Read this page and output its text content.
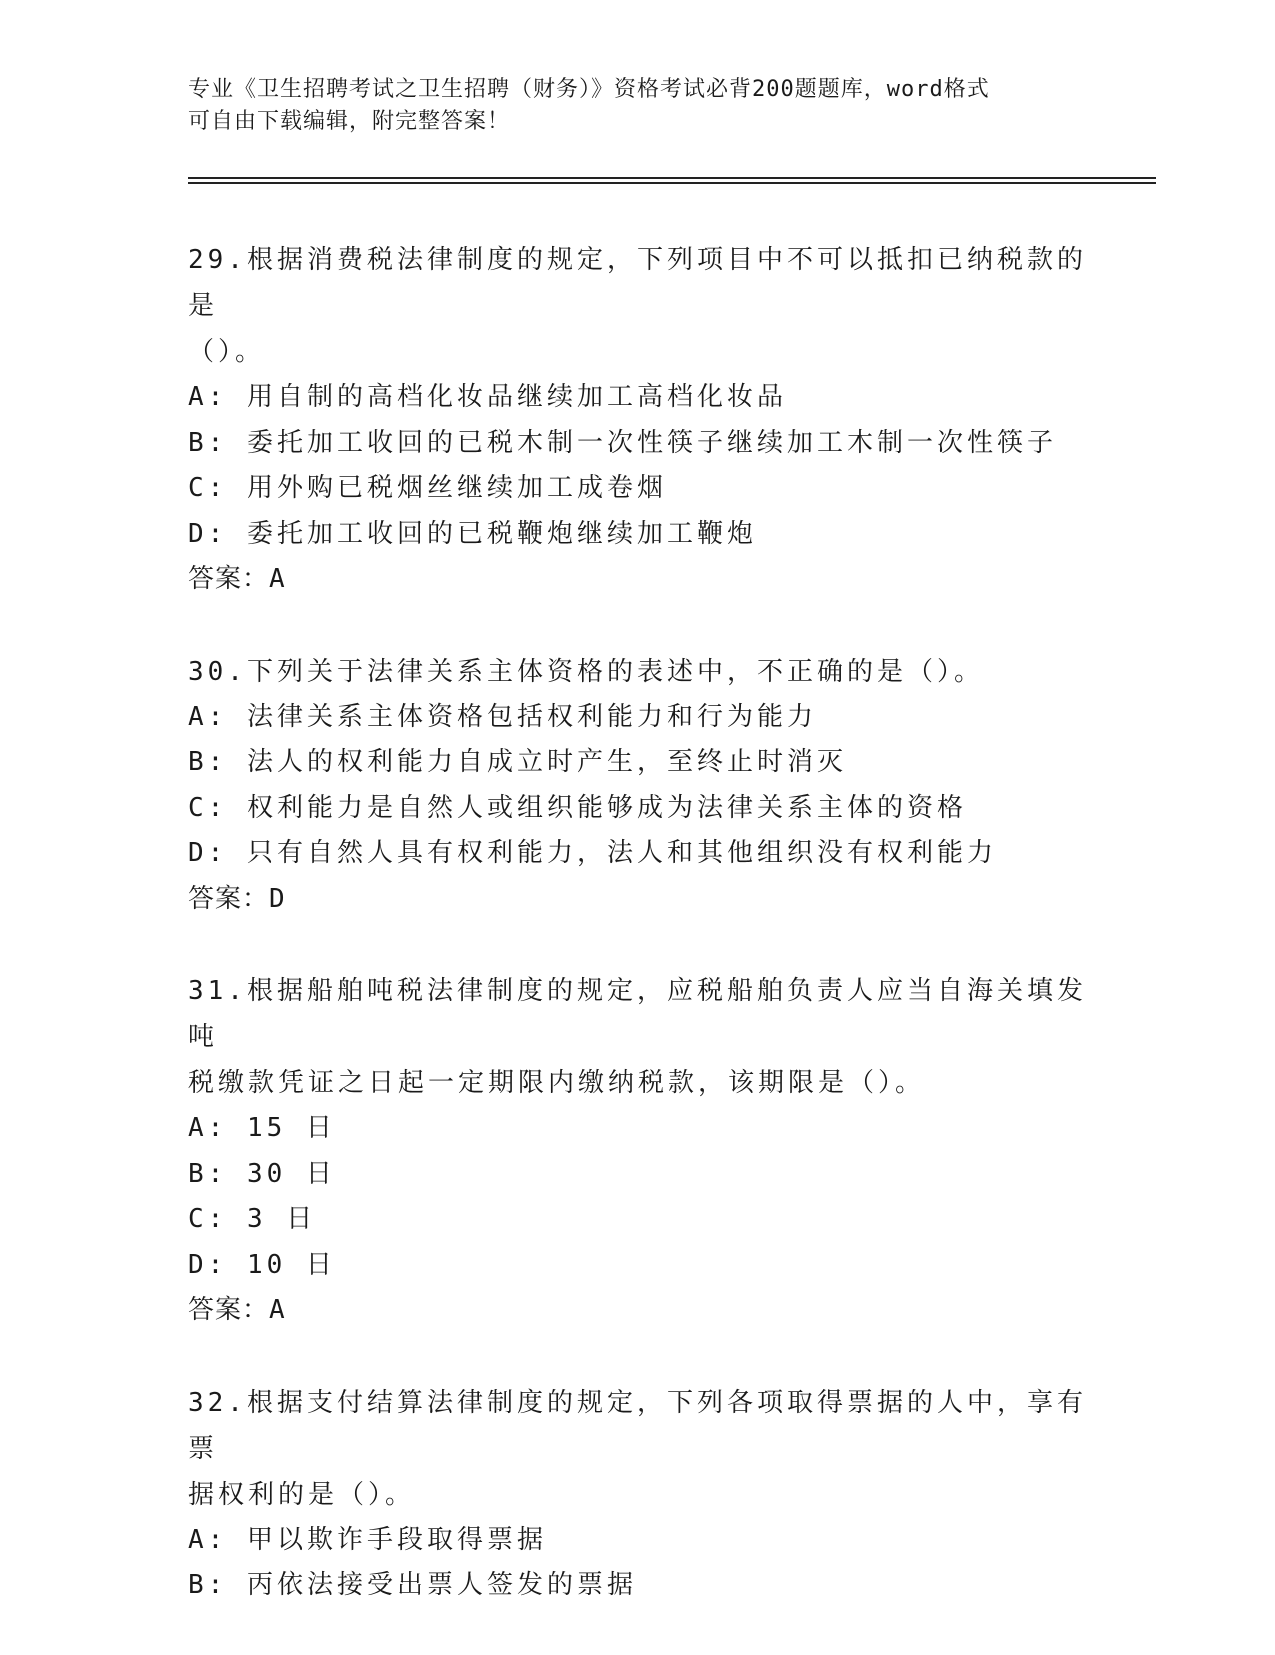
专业《卫生招聘考试之卫生招聘（财务）》资格考试必背200题题库，word格式
可自由下载编辑，附完整答案！
29.根据消费税法律制度的规定，下列项目中不可以抵扣已纳税款的是
（）。
A: 用自制的高档化妆品继续加工高档化妆品
B: 委托加工收回的已税木制一次性筷子继续加工木制一次性筷子
C: 用外购已税烟丝继续加工成卷烟
D: 委托加工收回的已税鞭炮继续加工鞭炮
答案：A
30.下列关于法律关系主体资格的表述中，不正确的是（）。
A: 法律关系主体资格包括权利能力和行为能力
B: 法人的权利能力自成立时产生，至终止时消灭
C: 权利能力是自然人或组织能够成为法律关系主体的资格
D: 只有自然人具有权利能力，法人和其他组织没有权利能力
答案：D
31.根据船舶吨税法律制度的规定，应税船舶负责人应当自海关填发吨
税缴款凭证之日起一定期限内缴纳税款，该期限是（）。
A: 15 日
B: 30 日
C: 3 日
D: 10 日
答案：A
32.根据支付结算法律制度的规定，下列各项取得票据的人中，享有票
据权利的是（）。
A: 甲以欺诈手段取得票据
B: 丙依法接受出票人签发的票据
